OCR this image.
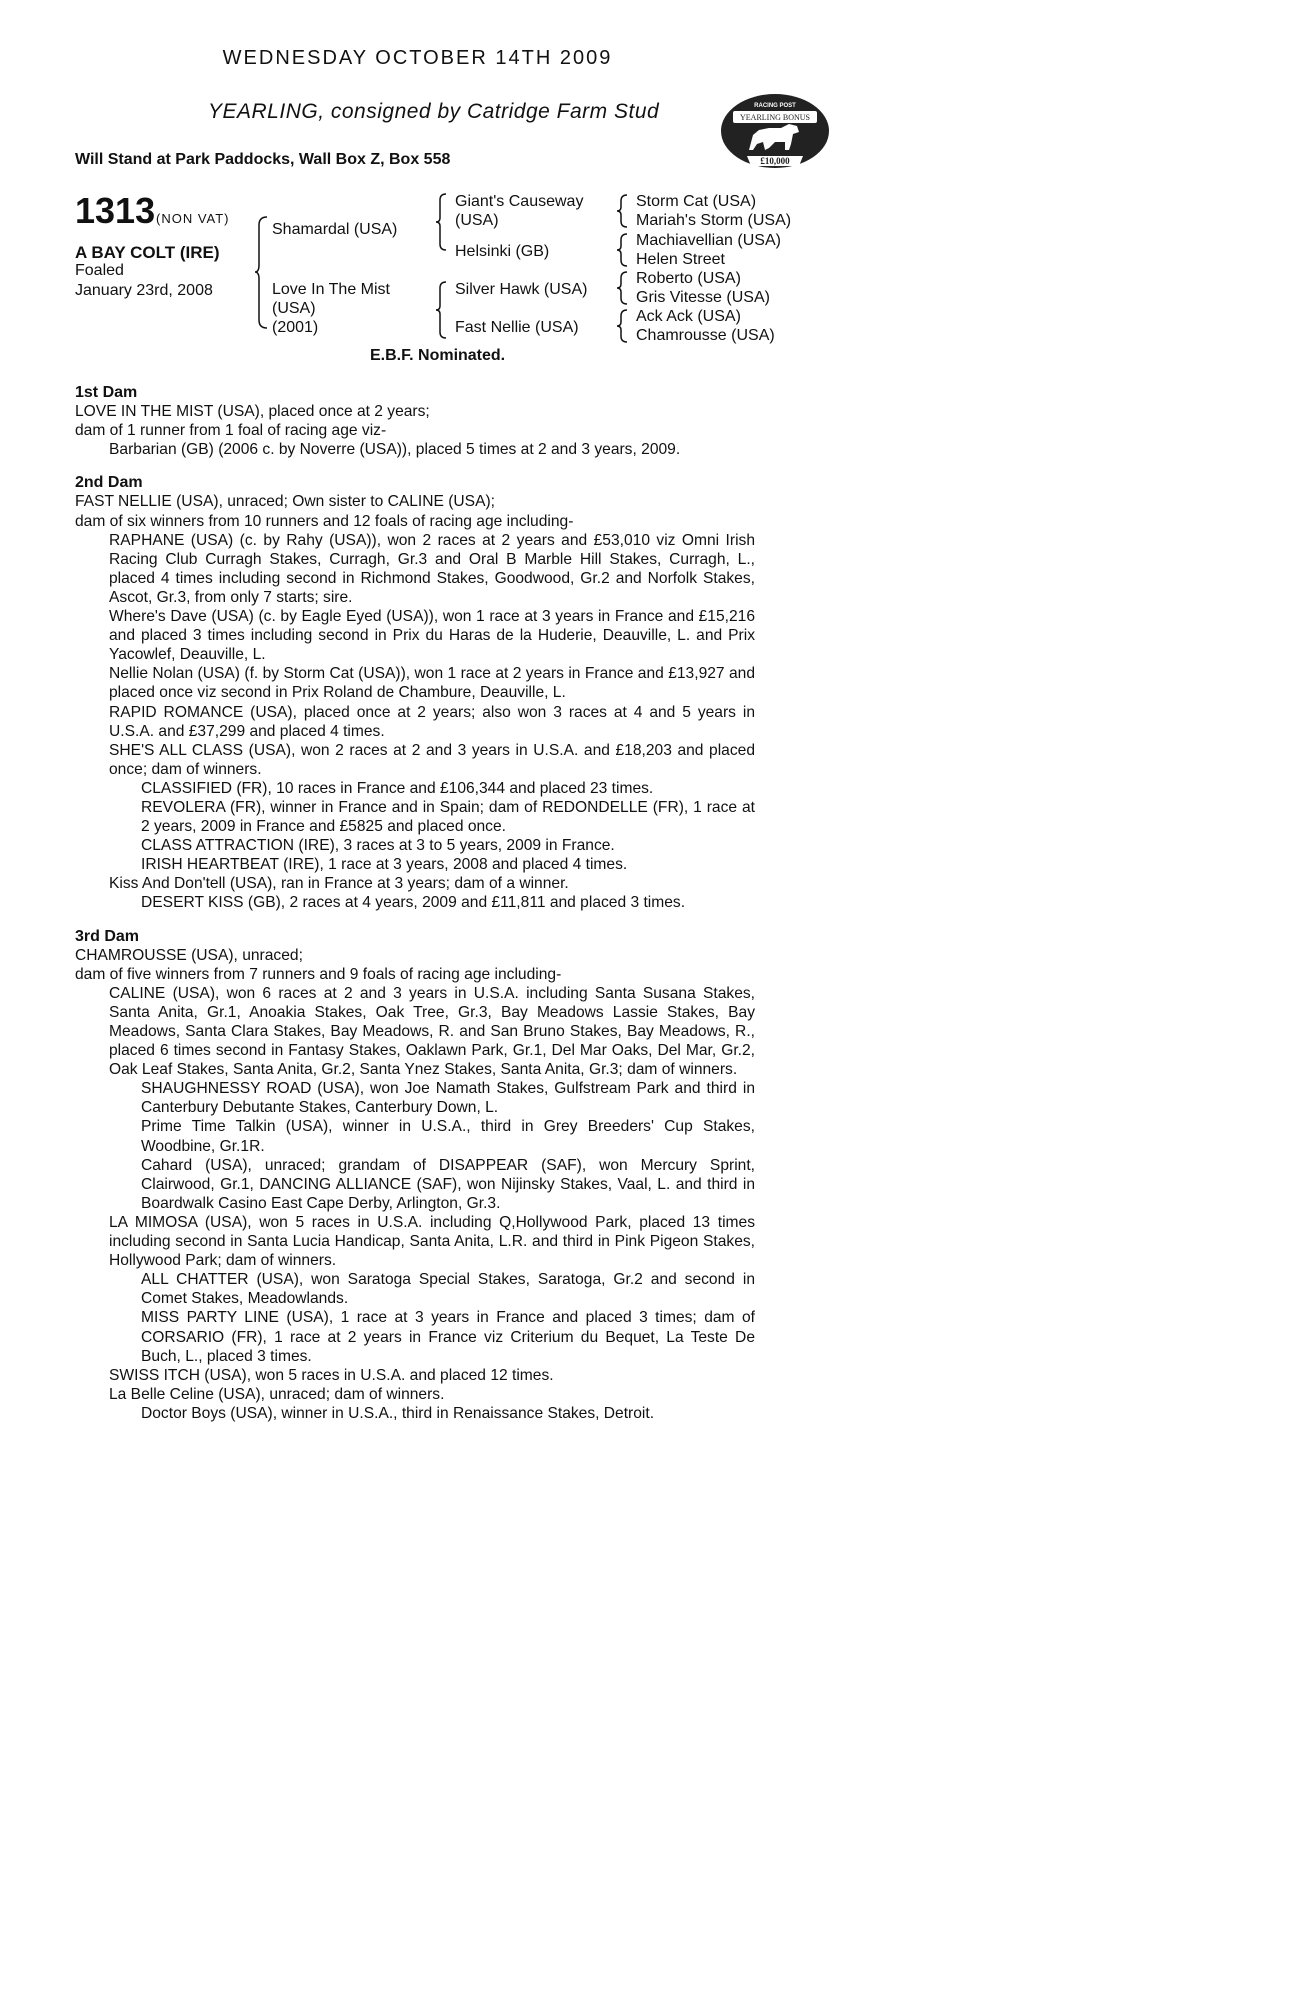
WEDNESDAY OCTOBER 14TH 2009
YEARLING, consigned by Catridge Farm Stud
Will Stand at Park Paddocks, Wall Box Z, Box 558
RACING POST
YEARLING BONUS
£10,000
1313 (NON VAT)
A BAY COLT (IRE)
Foaled
January 23rd, 2008
Shamardal (USA)
Love In The Mist
(USA)
(2001)
Giant's Causeway
(USA)
Helsinki (GB)
Silver Hawk (USA)
Fast Nellie (USA)
Storm Cat (USA)
Mariah's Storm (USA)
Machiavellian (USA)
Helen Street
Roberto (USA)
Gris Vitesse (USA)
Ack Ack (USA)
Chamrousse (USA)
E.B.F. Nominated.
1st Dam
LOVE IN THE MIST (USA), placed once at 2 years;
dam of 1 runner from 1 foal of racing age viz-
Barbarian (GB) (2006 c. by Noverre (USA)), placed 5 times at 2 and 3 years, 2009.
2nd Dam
FAST NELLIE (USA), unraced; Own sister to CALINE (USA);
dam of six winners from 10 runners and 12 foals of racing age including-
RAPHANE (USA) (c. by Rahy (USA)), won 2 races at 2 years and £53,010 viz Omni Irish Racing Club Curragh Stakes, Curragh, Gr.3 and Oral B Marble Hill Stakes, Curragh, L., placed 4 times including second in Richmond Stakes, Goodwood, Gr.2 and Norfolk Stakes, Ascot, Gr.3, from only 7 starts; sire.
Where's Dave (USA) (c. by Eagle Eyed (USA)), won 1 race at 3 years in France and £15,216 and placed 3 times including second in Prix du Haras de la Huderie, Deauville, L. and Prix Yacowlef, Deauville, L.
Nellie Nolan (USA) (f. by Storm Cat (USA)), won 1 race at 2 years in France and £13,927 and placed once viz second in Prix Roland de Chambure, Deauville, L.
RAPID ROMANCE (USA), placed once at 2 years; also won 3 races at 4 and 5 years in U.S.A. and £37,299 and placed 4 times.
SHE'S ALL CLASS (USA), won 2 races at 2 and 3 years in U.S.A. and £18,203 and placed once; dam of winners.
CLASSIFIED (FR), 10 races in France and £106,344 and placed 23 times.
REVOLERA (FR), winner in France and in Spain; dam of REDONDELLE (FR), 1 race at 2 years, 2009 in France and £5825 and placed once.
CLASS ATTRACTION (IRE), 3 races at 3 to 5 years, 2009 in France.
IRISH HEARTBEAT (IRE), 1 race at 3 years, 2008 and placed 4 times.
Kiss And Don'tell (USA), ran in France at 3 years; dam of a winner.
DESERT KISS (GB), 2 races at 4 years, 2009 and £11,811 and placed 3 times.
3rd Dam
CHAMROUSSE (USA), unraced;
dam of five winners from 7 runners and 9 foals of racing age including-
CALINE (USA), won 6 races at 2 and 3 years in U.S.A. including Santa Susana Stakes, Santa Anita, Gr.1, Anoakia Stakes, Oak Tree, Gr.3, Bay Meadows Lassie Stakes, Bay Meadows, Santa Clara Stakes, Bay Meadows, R. and San Bruno Stakes, Bay Meadows, R., placed 6 times second in Fantasy Stakes, Oaklawn Park, Gr.1, Del Mar Oaks, Del Mar, Gr.2, Oak Leaf Stakes, Santa Anita, Gr.2, Santa Ynez Stakes, Santa Anita, Gr.3; dam of winners.
SHAUGHNESSY ROAD (USA), won Joe Namath Stakes, Gulfstream Park and third in Canterbury Debutante Stakes, Canterbury Down, L.
Prime Time Talkin (USA), winner in U.S.A., third in Grey Breeders' Cup Stakes, Woodbine, Gr.1R.
Cahard (USA), unraced; grandam of DISAPPEAR (SAF), won Mercury Sprint, Clairwood, Gr.1, DANCING ALLIANCE (SAF), won Nijinsky Stakes, Vaal, L. and third in Boardwalk Casino East Cape Derby, Arlington, Gr.3.
LA MIMOSA (USA), won 5 races in U.S.A. including Q,Hollywood Park, placed 13 times including second in Santa Lucia Handicap, Santa Anita, L.R. and third in Pink Pigeon Stakes, Hollywood Park; dam of winners.
ALL CHATTER (USA), won Saratoga Special Stakes, Saratoga, Gr.2 and second in Comet Stakes, Meadowlands.
MISS PARTY LINE (USA), 1 race at 3 years in France and placed 3 times; dam of CORSARIO (FR), 1 race at 2 years in France viz Criterium du Bequet, La Teste De Buch, L., placed 3 times.
SWISS ITCH (USA), won 5 races in U.S.A. and placed 12 times.
La Belle Celine (USA), unraced; dam of winners.
Doctor Boys (USA), winner in U.S.A., third in Renaissance Stakes, Detroit.
